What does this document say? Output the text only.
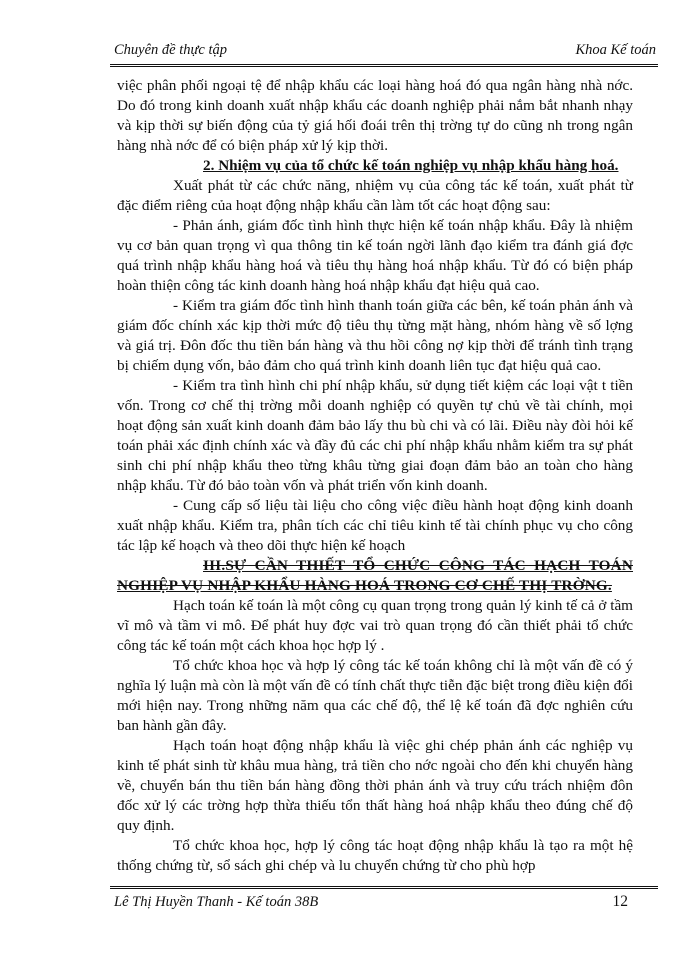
Chuyên đề thực tập	Khoa Kế toán

việc phân phối ngoại tệ để nhập khẩu các loại hàng hoá đó qua ngân hàng nhà nớc. Do đó trong kinh doanh xuất nhập khẩu các doanh nghiệp phải nắm bắt nhanh nhạy và kịp thời sự biến động của tỷ giá hối đoái trên thị trờng tự do cũng nh trong ngân hàng nhà nớc để có biện pháp xử lý kịp thời.

2. Nhiệm vụ của tổ chức kế toán nghiệp vụ nhập khẩu hàng hoá.

Xuất phát từ các chức năng, nhiệm vụ của công tác kế toán, xuất phát từ đặc điểm riêng của hoạt động nhập khẩu cần làm tốt các hoạt động sau:

- Phản ánh, giám đốc tình hình thực hiện kế toán nhập khẩu. Đây là nhiệm vụ cơ bản quan trọng vì qua thông tin kế toán ngời lãnh đạo kiểm tra đánh giá đợc quá trình nhập khẩu hàng hoá và tiêu thụ hàng hoá nhập khẩu. Từ đó có biện pháp hoàn thiện công tác kinh doanh hàng hoá nhập khẩu đạt hiệu quả cao.

- Kiểm tra giám đốc tình hình thanh toán giữa các bên, kế toán phản ánh và giám đốc chính xác kịp thời mức độ tiêu thụ từng mặt hàng, nhóm hàng về số lợng và giá trị. Đôn đốc thu tiền bán hàng và thu hồi công nợ kịp thời để tránh tình trạng bị chiếm dụng vốn, bảo đảm cho quá trình kinh doanh liên tục đạt hiệu quả cao.

- Kiểm tra tình hình chi phí nhập khẩu, sử dụng tiết kiệm các loại vật t tiền vốn. Trong cơ chế thị trờng mỗi doanh nghiệp có quyền tự chủ về tài chính, mọi hoạt động sản xuất kinh doanh đảm bảo lấy thu bù chi và có lãi. Điều này đòi hỏi kế toán phải xác định chính xác và đầy đủ các chi phí nhập khẩu nhằm kiểm tra sự phát sinh chi phí nhập khẩu theo từng khâu từng giai đoạn đảm bảo an toàn cho hàng nhập khẩu. Từ đó bảo toàn vốn và phát triển vốn kinh doanh.

- Cung cấp số liệu tài liệu cho công việc điều hành hoạt động kinh doanh xuất nhập khẩu. Kiểm tra, phân tích các chỉ tiêu kinh tế tài chính phục vụ cho công tác lập kế hoạch và theo dõi thực hiện kế hoạch

III.SỰ CẦN THIẾT TỔ CHỨC CÔNG TÁC HẠCH TOÁN NGHIỆP VỤ NHẬP KHẨU HÀNG HOÁ TRONG CƠ CHẾ THỊ TRỜNG.

Hạch toán kế toán là một công cụ quan trọng trong quản lý kinh tế cả ở tầm vĩ mô và tầm vi mô. Để phát huy đợc vai trò quan trọng đó cần thiết phải tổ chức công tác kế toán một cách khoa học hợp lý .

Tổ chức khoa học và hợp lý công tác kế toán không chỉ là một vấn đề có ý nghĩa lý luận mà còn là một vấn đề có tính chất thực tiễn đặc biệt trong điều kiện đổi mới hiện nay. Trong những năm qua các chế độ, thể lệ kế toán đã đợc nghiên cứu ban hành gần đây.

Hạch toán hoạt động nhập khẩu là việc ghi chép phản ánh các nghiệp vụ kinh tế phát sinh từ khâu mua hàng, trả tiền cho nớc ngoài cho đến khi chuyển hàng về, chuyển bán thu tiền bán hàng đồng thời phản ánh và truy cứu trách nhiệm đôn đốc xử lý các trờng hợp thừa thiếu tổn thất hàng hoá nhập khẩu theo đúng chế độ quy định.

Tổ chức khoa học, hợp lý công tác hoạt động nhập khẩu là tạo ra một hệ thống chứng từ, sổ sách ghi chép và lu chuyển chứng từ cho phù hợp

Lê Thị Huyền Thanh - Kế toán 38B	12
